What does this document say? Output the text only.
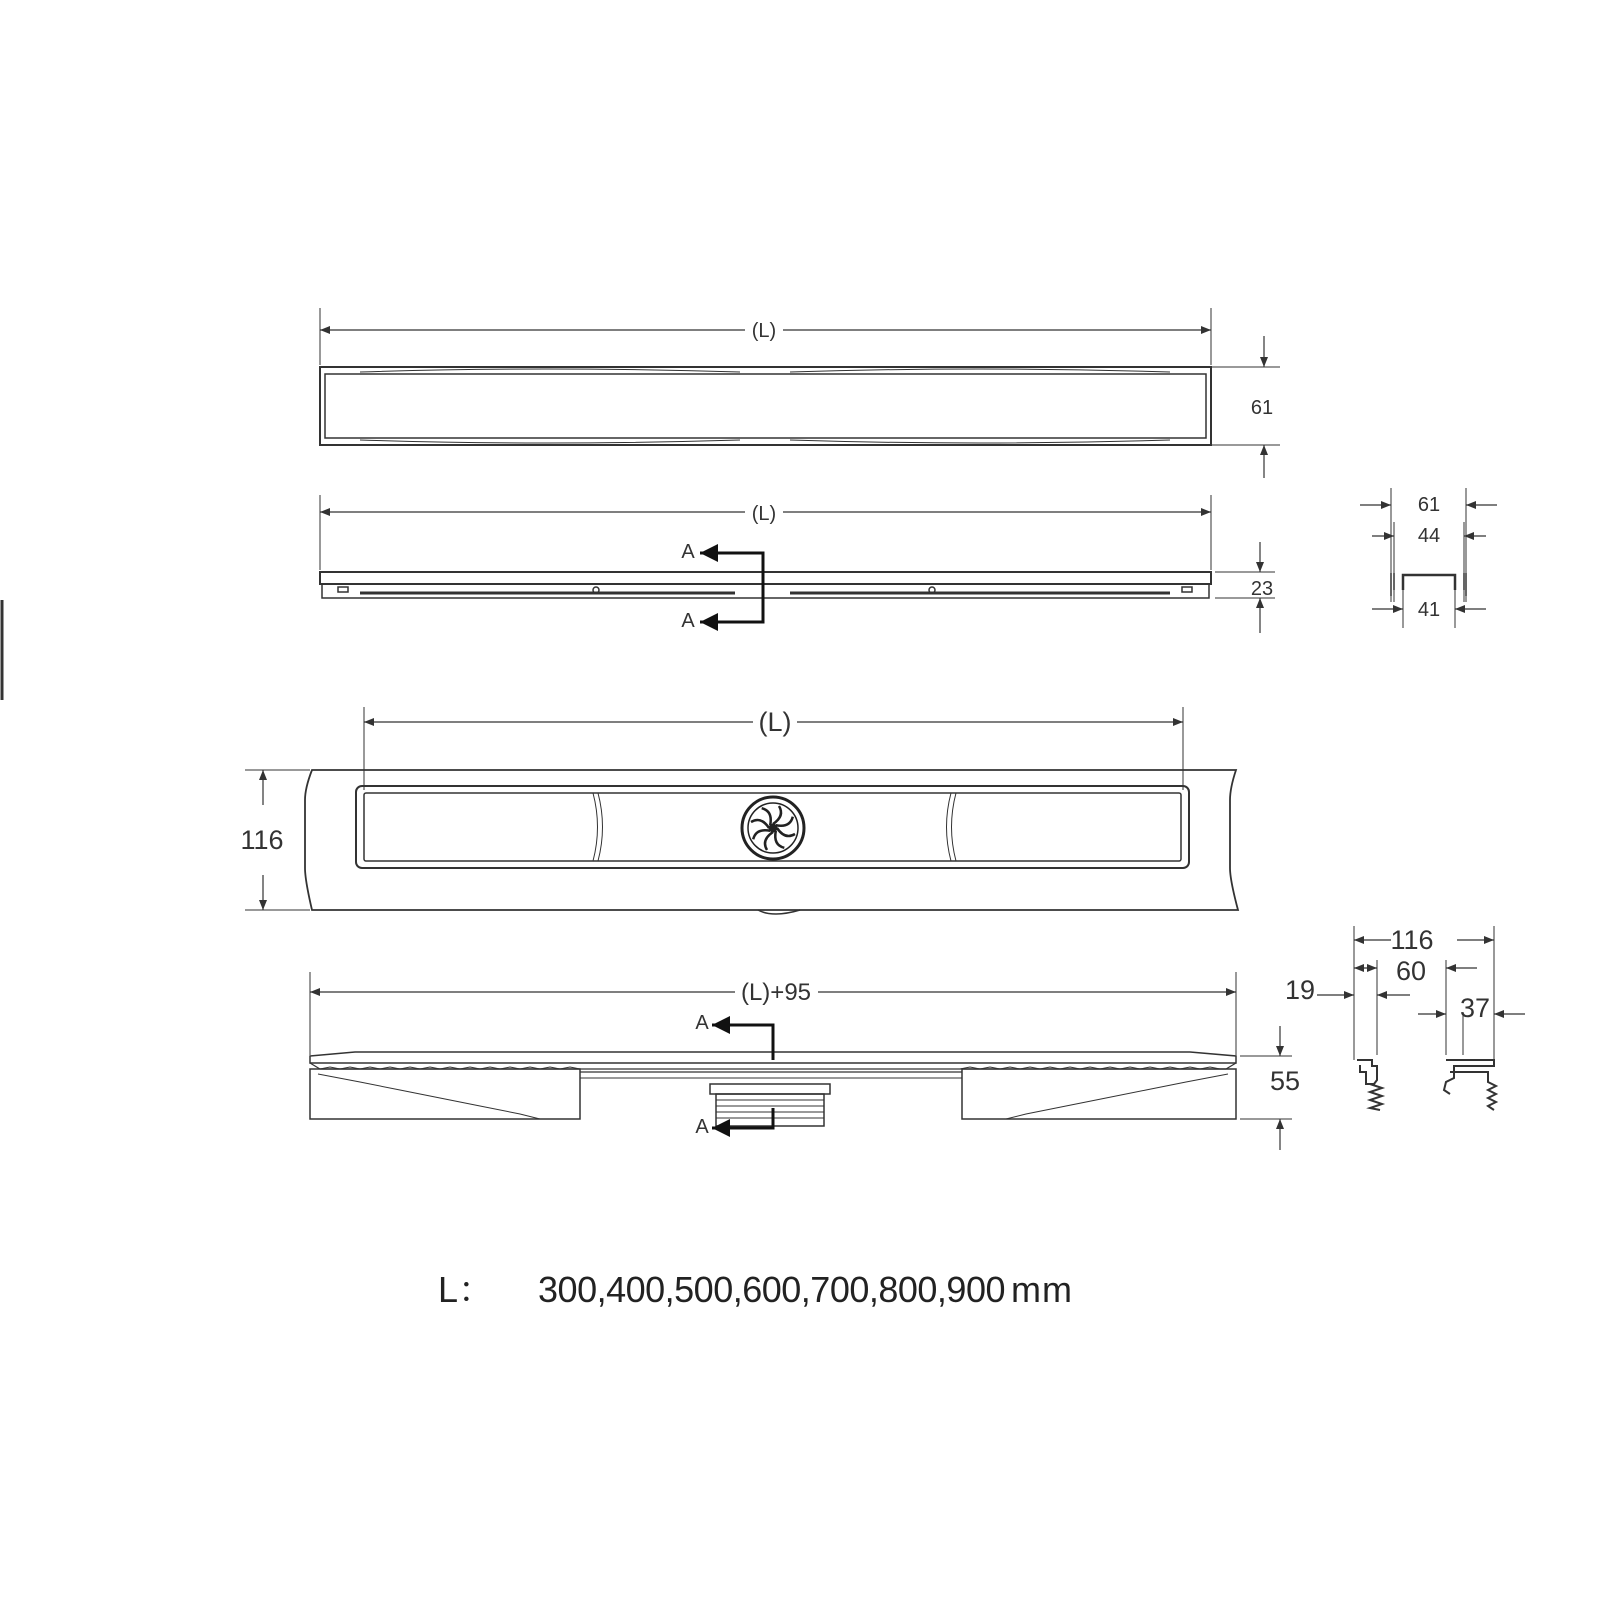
(L)
61
(L)
23
A
A
61
44
41
(L)
116
(L)+95
55
A
A
116
60
19
37
L： 300,400,500,600,700,800,900 mm
